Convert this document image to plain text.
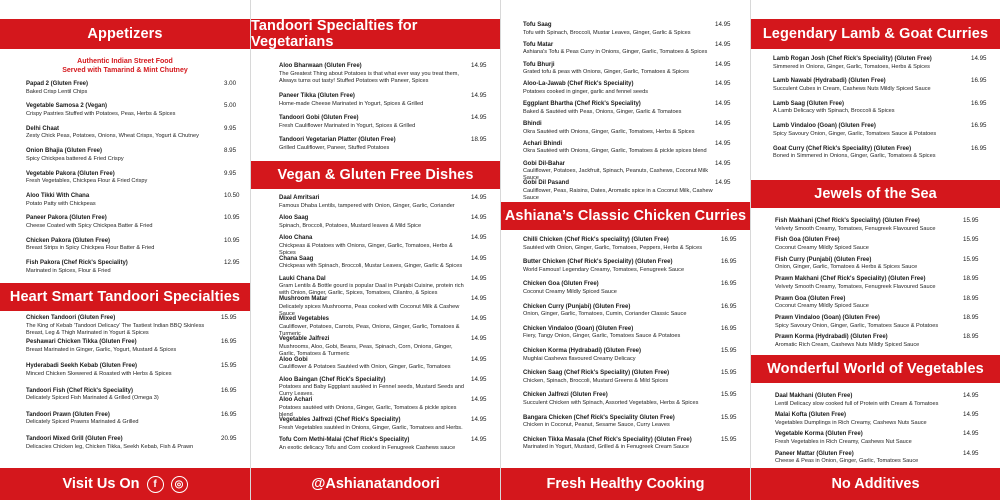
Appetizers
Authentic Indian Street Food
Served with Tamarind & Mint Chutney
Heart Smart Tandoori Specialties
Visit Us On	f	◎
Papad 2 (Gluten Free)
Baked Crisp Lentil Chips
3.00
Vegetable Samosa 2 (Vegan)
Crispy Pastries Stuffed with Potatoes, Peas, Herbs & Spices
5.00
Delhi Chaat
Zesty Chick Peas, Potatoes, Onions, Wheat Crisps, Yogurt & Chutney
9.95
Onion Bhajia (Gluten Free)
Spicy Chickpea battered & Fried Crispy
8.95
Vegetable Pakora (Gluten Free)
Fresh Vegetables, Chickpea Flour & Fried Crispy
9.95
Aloo Tikki With Chana
Potato Patty with Chickpeas
10.50
Paneer Pakora (Gluten Free)
Cheese Coated with Spicy Chickpea Batter & Fried
10.95
Chicken Pakora (Gluten Free)
Breast Strips in Spicy Chickpea Flour Batter & Fried
10.95
Fish Pakora (Chef Rick's Speciality)
Marinated in Spices, Flour & Fried
12.95
Chicken Tandoori (Gluten Free)
The King of Kebab 'Tandoori Delicacy' The Tastiest Indian BBQ Skinless Breast, Leg & Thigh Marinated in Yogurt & Spices
15.95
Peshawari Chicken Tikka (Gluten Free)
Breast Marinated in Ginger, Garlic, Yogurt, Mustard & Spices
16.95
Hyderabadi Seekh Kebab (Gluten Free)
Minced Chicken Skewered & Roasted with Herbs & Spices
15.95
Tandoori Fish (Chef Rick's Speciality)
Delicately Spiced Fish Marinated & Grilled (Omega 3)
16.95
Tandoori Prawn (Gluten Free)
Delicately Spiced Prawns Marinated & Grilled
16.95
Tandoori Mixed Grill (Gluten Free)
Delicacies Chicken leg, Chicken Tikka, Seekh Kebab, Fish & Prawn
20.95
Tandoori Specialties for Vegetarians
Vegan & Gluten Free Dishes
@Ashianatandoori
Aloo Bharwaan (Gluten Free)
The Greatest Thing about Potatoes is that what ever way you treat them, Always turns out tasty! Stuffed Potatoes with Paneer, Spices
14.95
Paneer Tikka (Gluten Free)
Home-made Cheese Marinated in Yogurt, Spices & Grilled
14.95
Tandoori Gobi (Gluten Free)
Fresh Cauliflower Marinated in Yogurt, Spices & Grilled
14.95
Tandoori Vegetarian Platter (Gluten Free)
Grilled Cauliflower, Paneer, Stuffed Potatoes
18.95
Daal Amritsari
Famous Dhaba Lentils, tampered with Onion, Ginger, Garlic, Coriander
14.95
Aloo Saag
Spinach, Broccoli, Potatoes, Mustard leaves & Mild Spice
14.95
Aloo Chana
Chickpeas & Potatoes with Onions, Ginger, Garlic, Tomatoes, Herbs & Spices
14.95
Chana Saag
Chickpeas with Spinach, Broccoli, Mustar Leaves, Ginger, Garlic & Spices
14.95
Lauki Chana Dal
Gram Lentils & Bottle gourd is popular Daal in Punjabi Cuisine, protein rich with Onion, Ginger, Garlic, Spices, Tomatoes, Cilantro, & Spices
14.95
Mushroom Matar
Delicately spices Mushrooms, Peas cooked with Coconut Milk & Cashew Sauce
14.95
Mixed Vegetables
Cauliflower, Potatoes, Carrots, Peas, Onions, Ginger, Garlic, Tomatoes & Turmeric
14.95
Vegetable Jalfrezi
Mushrooms, Aloo, Gobi, Beans, Peas, Spinach, Corn, Onions, Ginger, Garlic, Tomatoes & Turmeric
14.95
Aloo Gobi
Cauliflower & Potatoes Sautéed with Onion, Ginger, Garlic, Tomatoes
14.95
Aloo Baingan (Chef Rick's Speciality)
Potatoes and Baby Eggplant sautéed in Fennel seeds, Mustard Seeds and Curry Leaves.
14.95
Aloo Achari
Potatoes sautéed with Onions, Ginger, Garlic, Tomatoes & pickle spices blend
14.95
Vegetables Jalfrezi (Chef Rick's Speciality)
Fresh Vegetables sautéed in Onions, Ginger, Garlic, Tomatoes and Herbs.
14.95
Tofu Corn Methi-Malai (Chef Rick's Speciality)
An exotic delicacy Tofu and Corn cooked in Fenugreek Cashews sauce
14.95
Ashiana’s Classic Chicken Curries
Fresh Healthy Cooking
Tofu Saag
Tofu with Spinach, Broccoli, Mustar Leaves, Ginger, Garlic & Spices
14.95
Tofu Matar
Ashiana's Tofu & Peas Curry in Onions, Ginger, Garlic, Tomatoes & Spices
14.95
Tofu Bhurji
Grated tofu & peas with Onions, Ginger, Garlic, Tomatoes & Spices
14.95
Aloo-La-Jawab (Chef Rick's Speciality)
Potatoes cooked in ginger, garlic and fennel seeds
14.95
Eggplant Bhartha (Chef Rick's Speciality)
Baked & Sautéed with Peas, Onions, Ginger, Garlic & Tomatoes
14.95
Bhindi
Okra Sautéed with Onions, Ginger, Garlic, Tomatoes, Herbs & Spices
14.95
Achari Bhindi
Okra Sautéed with Onions, Ginger, Garlic, Tomatoes & pickle spices blend
14.95
Gobi Dil-Bahar
Cauliflower, Potatoes, Jackfruit, Spinach, Peanuts, Cashews, Coconut Milk Sauce
14.95
Gobi Dil Pasand
Cauliflower, Peas, Raisins, Dates, Aromatic spice in a Coconut Milk, Cashew Sauce
14.95
Chilli Chicken (Chef Rick's speciality) (Gluten Free)
Sautéed with Onion, Ginger, Garlic, Tomatoes, Peppers, Herbs & Spices
16.95
Butter Chicken (Chef Rick's Speciality) (Gluten Free)
World Famous! Legendary Creamy, Tomatoes, Fenugreek Sauce
16.95
Chicken Goa (Gluten Free)
Coconut Creamy Mildly Spiced Sauce
16.95
Chicken Curry (Punjabi) (Gluten Free)
Onion, Ginger, Garlic, Tomatoes, Cumin, Coriander Classic Sauce
16.95
Chicken Vindaloo (Goan) (Gluten Free)
Fiery, Tangy Onion, Ginger, Garlic, Tomatoes Sauce & Potatoes
16.95
Chicken Korma (Hydrabadi) (Gluten Free)
Mughlai Cashews flavoured Creamy Delicacy
15.95
Chicken Saag (Chef Rick's Speciality) (Gluten Free)
Chicken, Spinach, Broccoli, Mustard Greens & Mild Spices
15.95
Chicken Jalfrezi (Gluten Free)
Succulent Chicken with Spinach, Assorted Vegetables, Herbs & Spices
15.95
Bangara Chicken (Chef Rick's Speciality Gluten Free)
Chicken in Coconut, Peanut, Sesame Sauce, Curry Leaves
15.95
Chicken Tikka Masala (Chef Rick's Speciality) (Gluten Free)
Marinated in Yogurt, Mustard, Grilled & in Fenugreek Cream Sauce
15.95
Legendary Lamb & Goat Curries
Jewels of the Sea
Wonderful World of Vegetables
No Additives
Lamb Rogan Josh (Chef Rick's Speciality) (Gluten Free)
Simmered in Onions, Ginger, Garlic, Tomatoes, Herbs & Spices
14.95
Lamb Nawabi (Hydrabadi) (Gluten Free)
Succulent Cubes in Cream, Cashews Nuts Mildly Spiced Sauce
16.95
Lamb Saag (Gluten Free)
A Lamb Delicacy with Spinach, Broccoli & Spices
16.95
Lamb Vindaloo (Goan) (Gluten Free)
Spicy Savoury Onion, Ginger, Garlic, Tomatoes Sauce & Potatoes
16.95
Goat Curry (Chef Rick's Speciality) (Gluten Free)
Boned in Simmered in Onions, Ginger, Garlic, Tomatoes & Spices
16.95
Fish Makhani (Chef Rick's Speciality) (Gluten Free)
Velvety Smooth Creamy, Tomatoes, Fenugreek Flavoured Sauce
15.95
Fish Goa (Gluten Free)
Coconut Creamy Mildly Spiced Sauce
15.95
Fish Curry (Punjabi) (Gluten Free)
Onion, Ginger, Garlic, Tomatoes & Herbs & Spices Sauce
15.95
Prawn Makhani (Chef Rick's Speciality) (Gluten Free)
Velvety Smooth Creamy, Tomatoes, Fenugreek Flavoured Sauce
18.95
Prawn Goa (Gluten Free)
Coconut Creamy Mildly Spiced Sauce
18.95
Prawn Vindaloo (Goan) (Gluten Free)
Spicy Savoury Onion, Ginger, Garlic, Tomatoes Sauce & Potatoes
18.95
Prawn Korma (Hydrabadi) (Gluten Free)
Aromatic Rich Cream, Cashews Nuts Mildly Spiced Sauce
18.95
Daal Makhani (Gluten Free)
Lentil Delicacy slow cooked full of Protein with Cream & Tomatoes
14.95
Malai Kofta (Gluten Free)
Vegetables Dumplings in Rich Creamy, Cashews Nuts Sauce
14.95
Vegetable Korma (Gluten Free)
Fresh Vegetables in Rich Creamy, Cashews Nut Sauce
14.95
Paneer Mattar (Gluten Free)
Cheese & Peas in Onion, Ginger, Garlic, Tomatoes Sauce
14.95
